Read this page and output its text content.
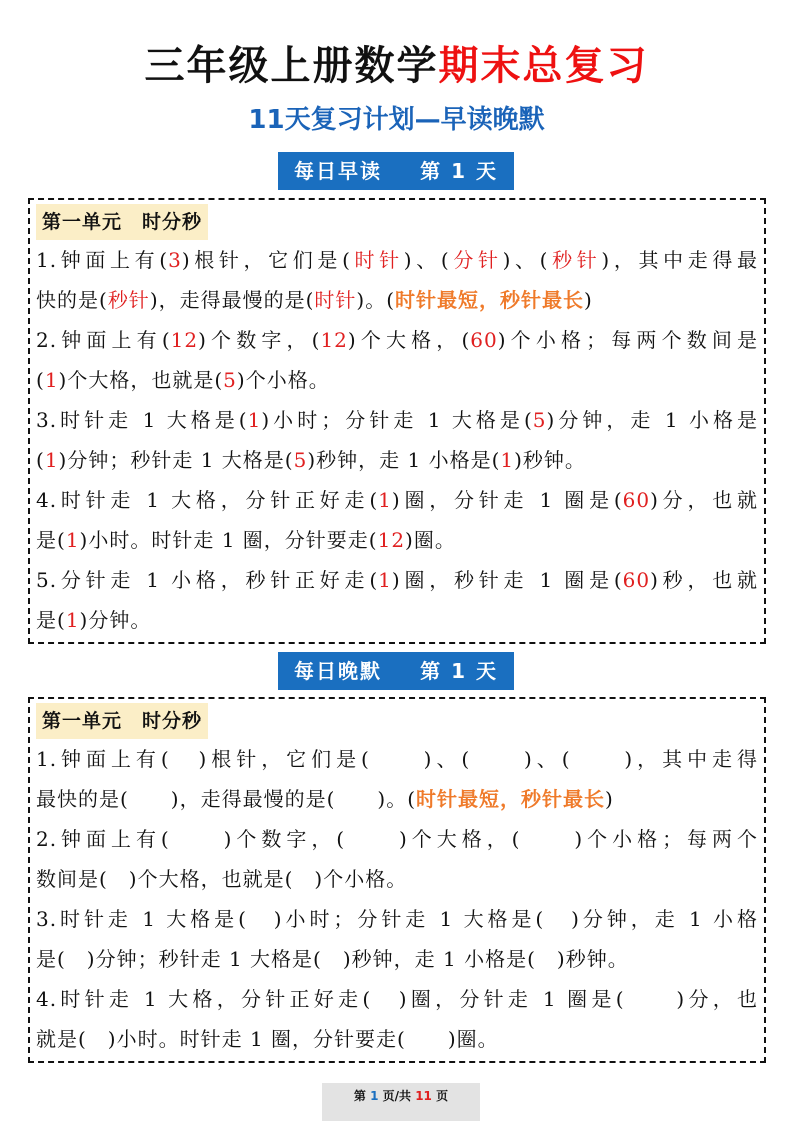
三年级上册数学期末总复习
11天复习计划—早读晚默
每日早读 第 1 天
第一单元　时分秒
1.钟面上有(3)根针，它们是(时针)、(分针)、(秒针)，其中走得最
快的是(秒针)，走得最慢的是(时针)。(时针最短，秒针最长)
2.钟面上有(12)个数字，(12)个大格，(60)个小格；每两个数间是
(1)个大格，也就是(5)个小格。
3.时针走 1 大格是(1)小时；分针走 1 大格是(5)分钟，走 1 小格是
(1)分钟；秒针走 1 大格是(5)秒钟，走 1 小格是(1)秒钟。
4.时针走 1 大格，分针正好走(1)圈，分针走 1 圈是(60)分，也就
是(1)小时。时针走 1 圈，分针要走(12)圈。
5.分针走 1 小格，秒针正好走(1)圈，秒针走 1 圈是(60)秒，也就
是(1)分钟。
每日晚默 第 1 天
第一单元　时分秒
1.钟面上有(　)根针，它们是(　　)、(　　)、(　　)，其中走得
最快的是(　　)，走得最慢的是(　　)。(时针最短，秒针最长)
2.钟面上有(　　)个数字，(　　)个大格，(　　)个小格；每两个
数间是(　)个大格，也就是(　)个小格。
3.时针走 1 大格是(　)小时；分针走 1 大格是(　)分钟，走 1 小格
是(　)分钟；秒针走 1 大格是(　)秒钟，走 1 小格是(　)秒钟。
4.时针走 1 大格，分针正好走(　)圈，分针走 1 圈是(　　)分，也
就是(　)小时。时针走 1 圈，分针要走(　　)圈。
第 1 页/共 11 页
